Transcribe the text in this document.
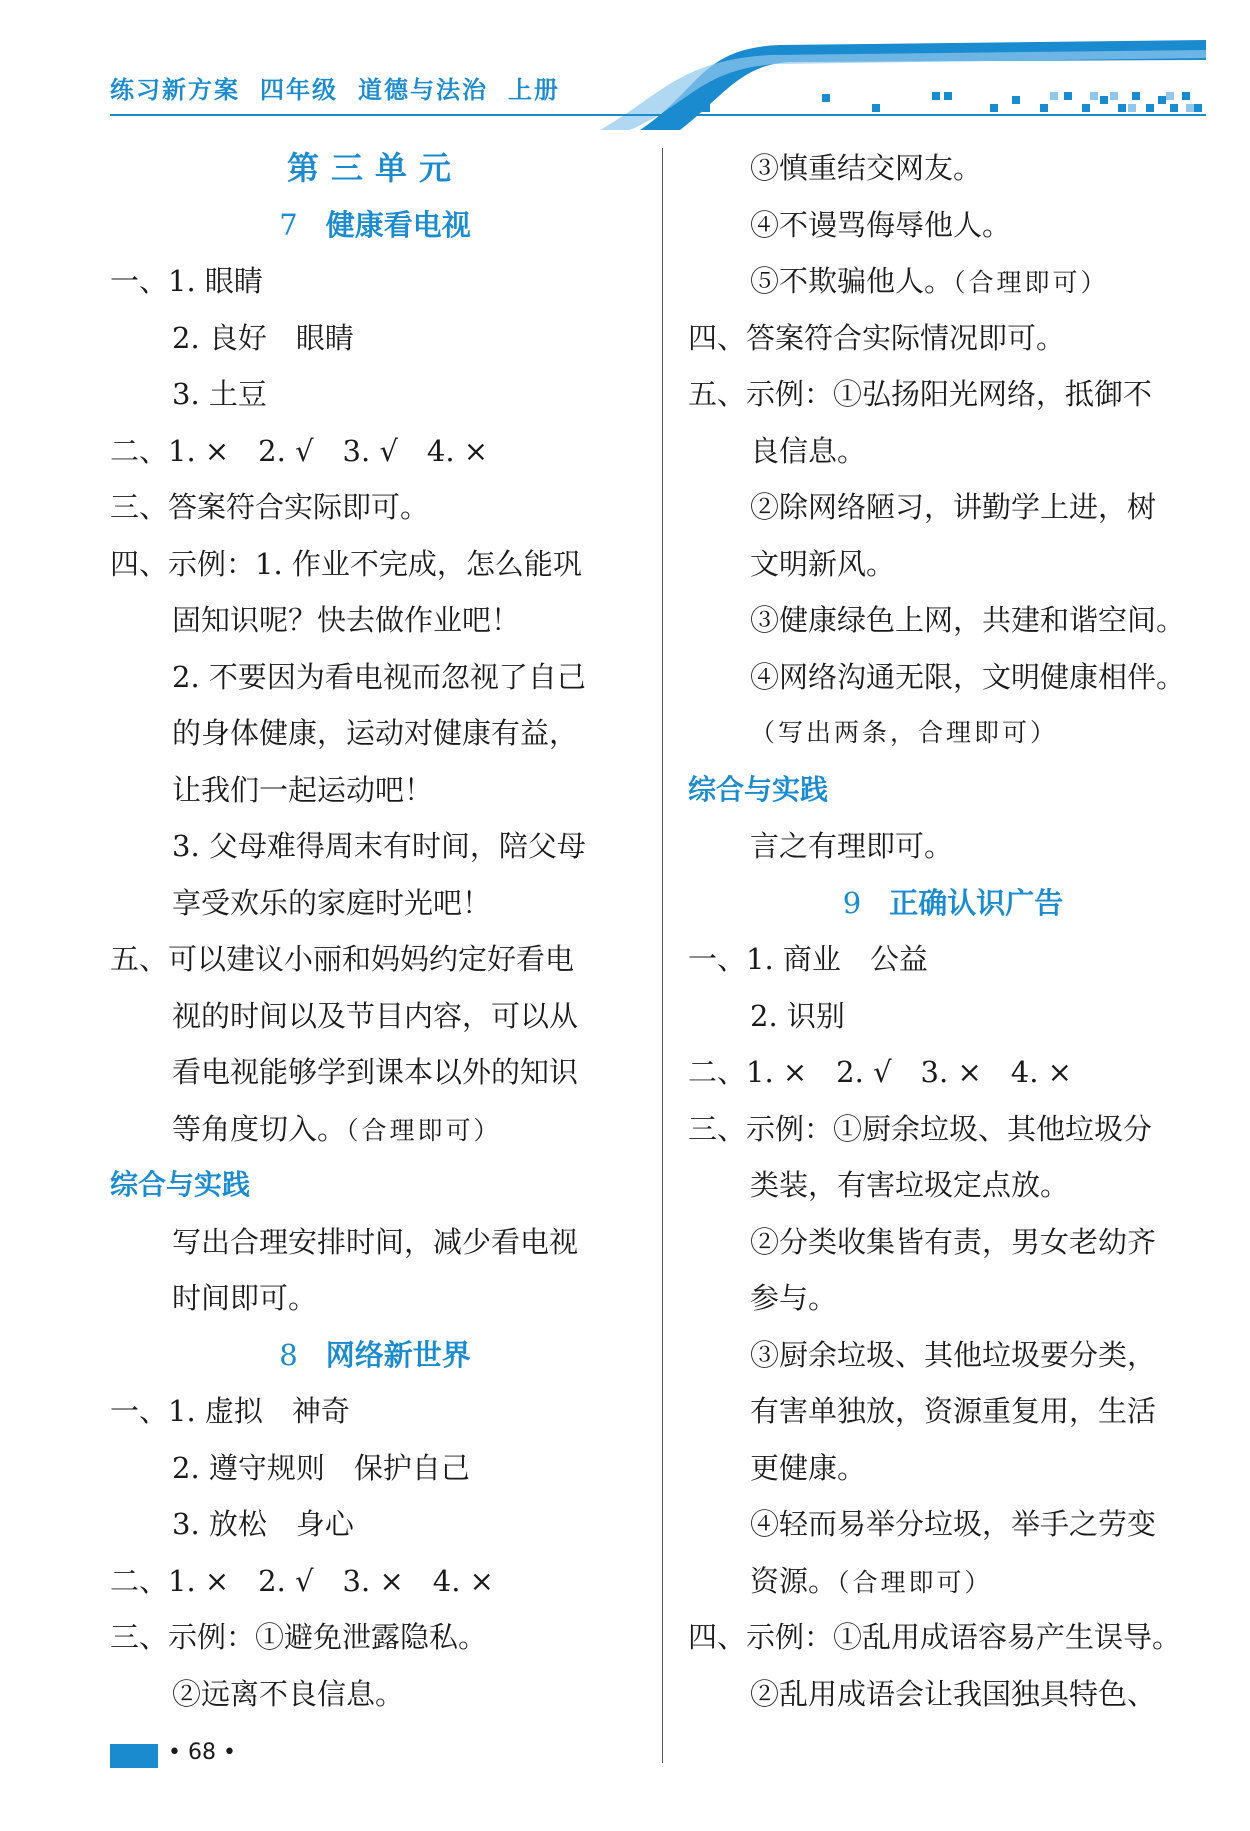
练习新方案 四年级 道德与法治 上册
第三单元
7 健康看电视
一、1. 眼睛
2. 良好　眼睛
3. 土豆
二、1. ×　2. √　3. √　4. ×
三、答案符合实际即可。
四、示例：1. 作业不完成，怎么能巩
固知识呢？快去做作业吧！
2. 不要因为看电视而忽视了自己
的身体健康，运动对健康有益，
让我们一起运动吧！
3. 父母难得周末有时间，陪父母
享受欢乐的家庭时光吧！
五、可以建议小丽和妈妈约定好看电
视的时间以及节目内容，可以从
看电视能够学到课本以外的知识
等角度切入。（合理即可）
综合与实践
写出合理安排时间，减少看电视
时间即可。
8 网络新世界
一、1. 虚拟　神奇
2. 遵守规则　保护自己
3. 放松　身心
二、1. ×　2. √　3. ×　4. ×
三、示例：①避免泄露隐私。
②远离不良信息。
③慎重结交网友。
④不谩骂侮辱他人。
⑤不欺骗他人。（合理即可）
四、答案符合实际情况即可。
五、示例：①弘扬阳光网络，抵御不
良信息。
②除网络陋习，讲勤学上进，树
文明新风。
③健康绿色上网，共建和谐空间。
④网络沟通无限，文明健康相伴。
（写出两条，合理即可）
综合与实践
言之有理即可。
9 正确认识广告
一、1. 商业　公益
2. 识别
二、1. ×　2. √　3. ×　4. ×
三、示例：①厨余垃圾、其他垃圾分
类装，有害垃圾定点放。
②分类收集皆有责，男女老幼齐
参与。
③厨余垃圾、其他垃圾要分类，
有害单独放，资源重复用，生活
更健康。
④轻而易举分垃圾，举手之劳变
资源。（合理即可）
四、示例：①乱用成语容易产生误导。
②乱用成语会让我国独具特色、
• 68 •
